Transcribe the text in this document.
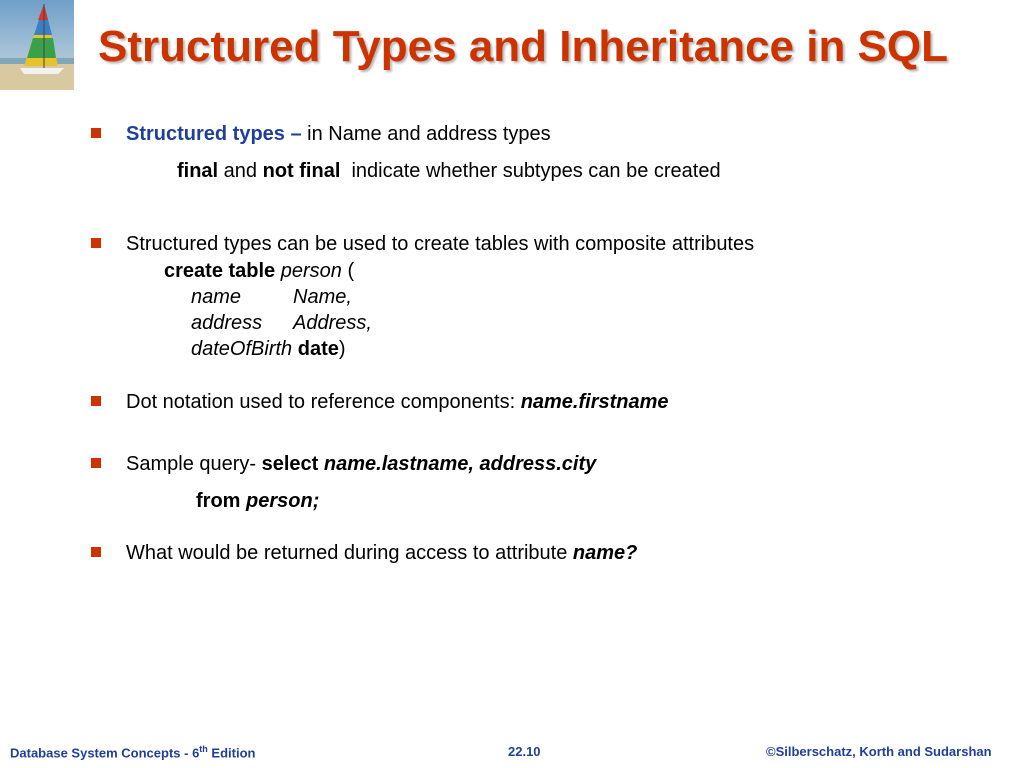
Structured Types and Inheritance in SQL
Structured types – in Name and address types
final and not final  indicate whether subtypes can be created
Structured types can be used to create tables with composite attributes
create table person (
name	Name,
address Address,
dateOfBirth date)
Dot notation used to reference components: name.firstname
Sample query- select name.lastname, address.city
from person;
What would be returned during access to attribute name?
Database System Concepts - 6th Edition	22.10	©Silberschatz, Korth and Sudarshan
